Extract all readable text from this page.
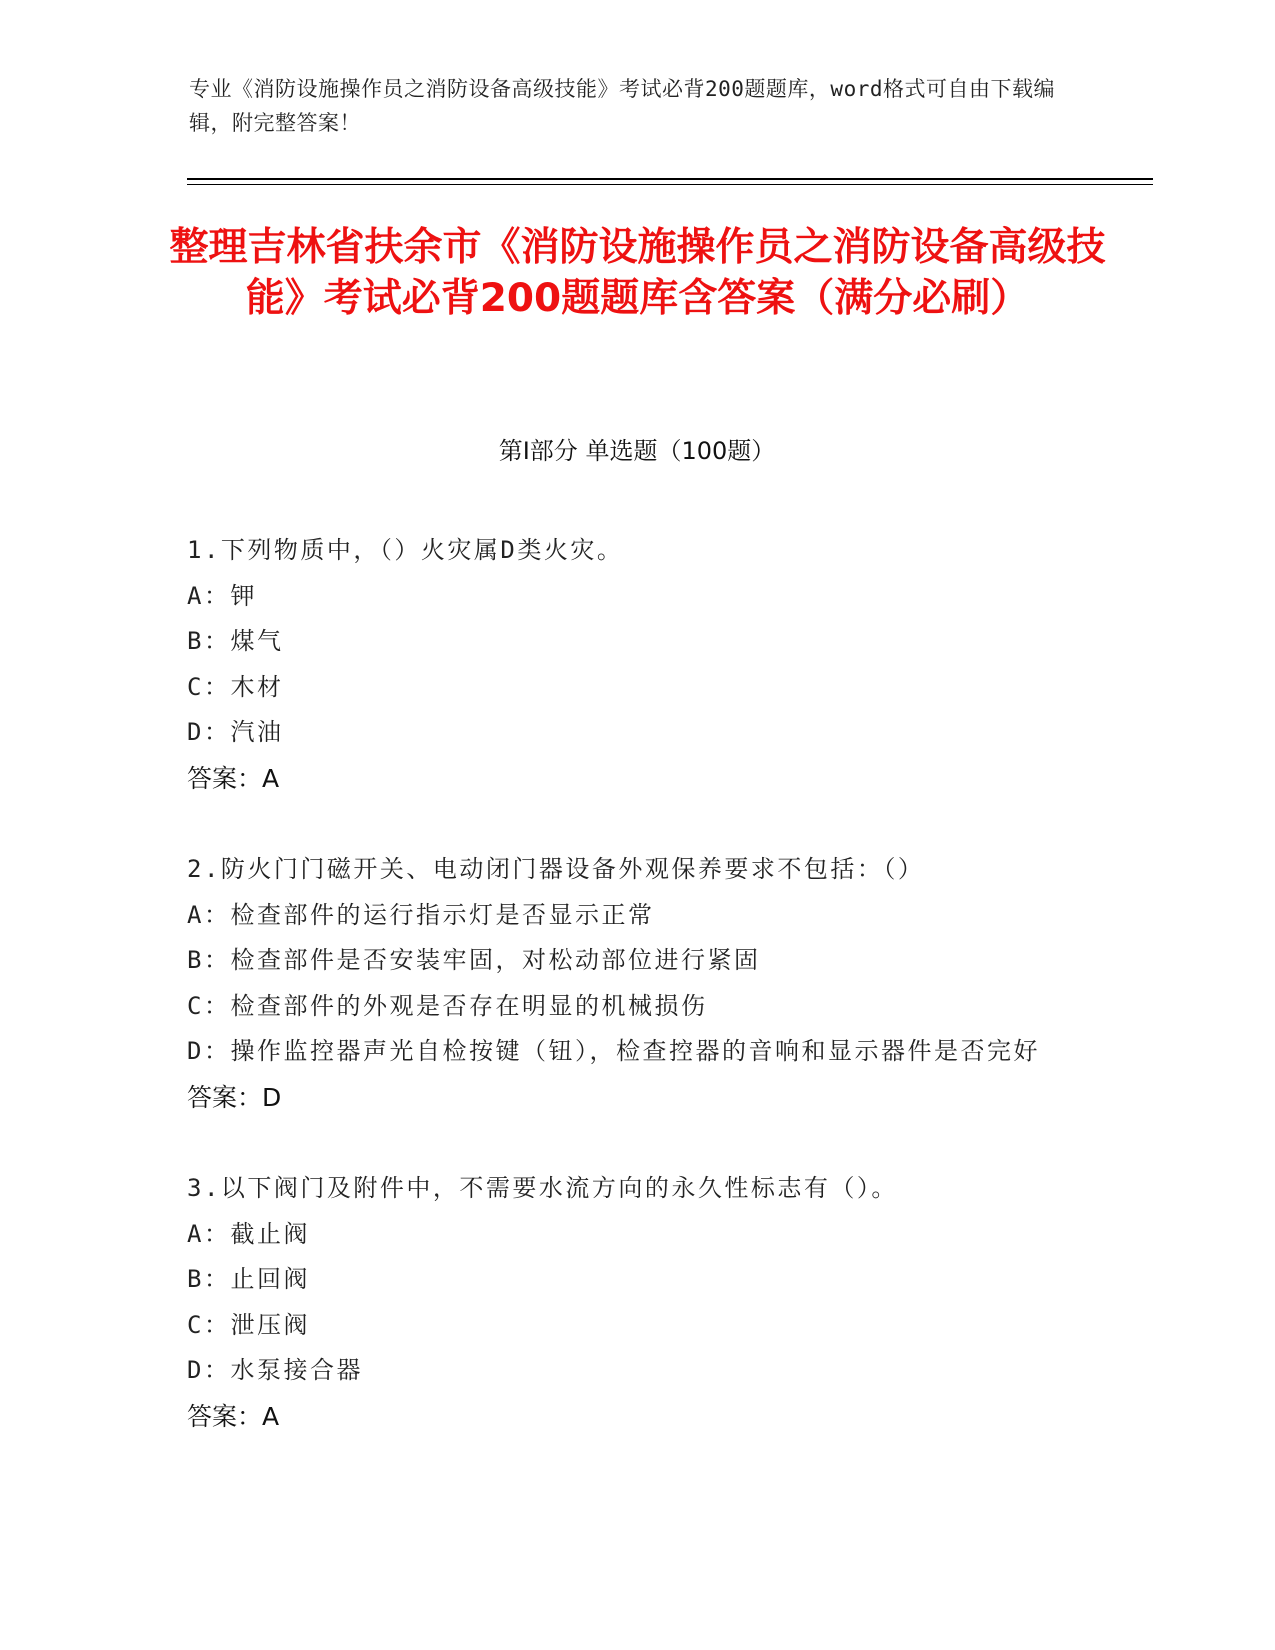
专业《消防设施操作员之消防设备高级技能》考试必背200题题库，word格式可自由下载编辑，附完整答案！
整理吉林省扶余市《消防设施操作员之消防设备高级技能》考试必背200题题库含答案（满分必刷）
第I部分 单选题（100题）
1.下列物质中，（）火灾属D类火灾。
A：钾
B：煤气
C：木材
D：汽油
答案：A
2.防火门门磁开关、电动闭门器设备外观保养要求不包括：（）
A：检查部件的运行指示灯是否显示正常
B：检查部件是否安装牢固，对松动部位进行紧固
C：检查部件的外观是否存在明显的机械损伤
D：操作监控器声光自检按键（钮），检查控器的音响和显示器件是否完好
答案：D
3.以下阀门及附件中，不需要水流方向的永久性标志有（）。
A：截止阀
B：止回阀
C：泄压阀
D：水泵接合器
答案：A
